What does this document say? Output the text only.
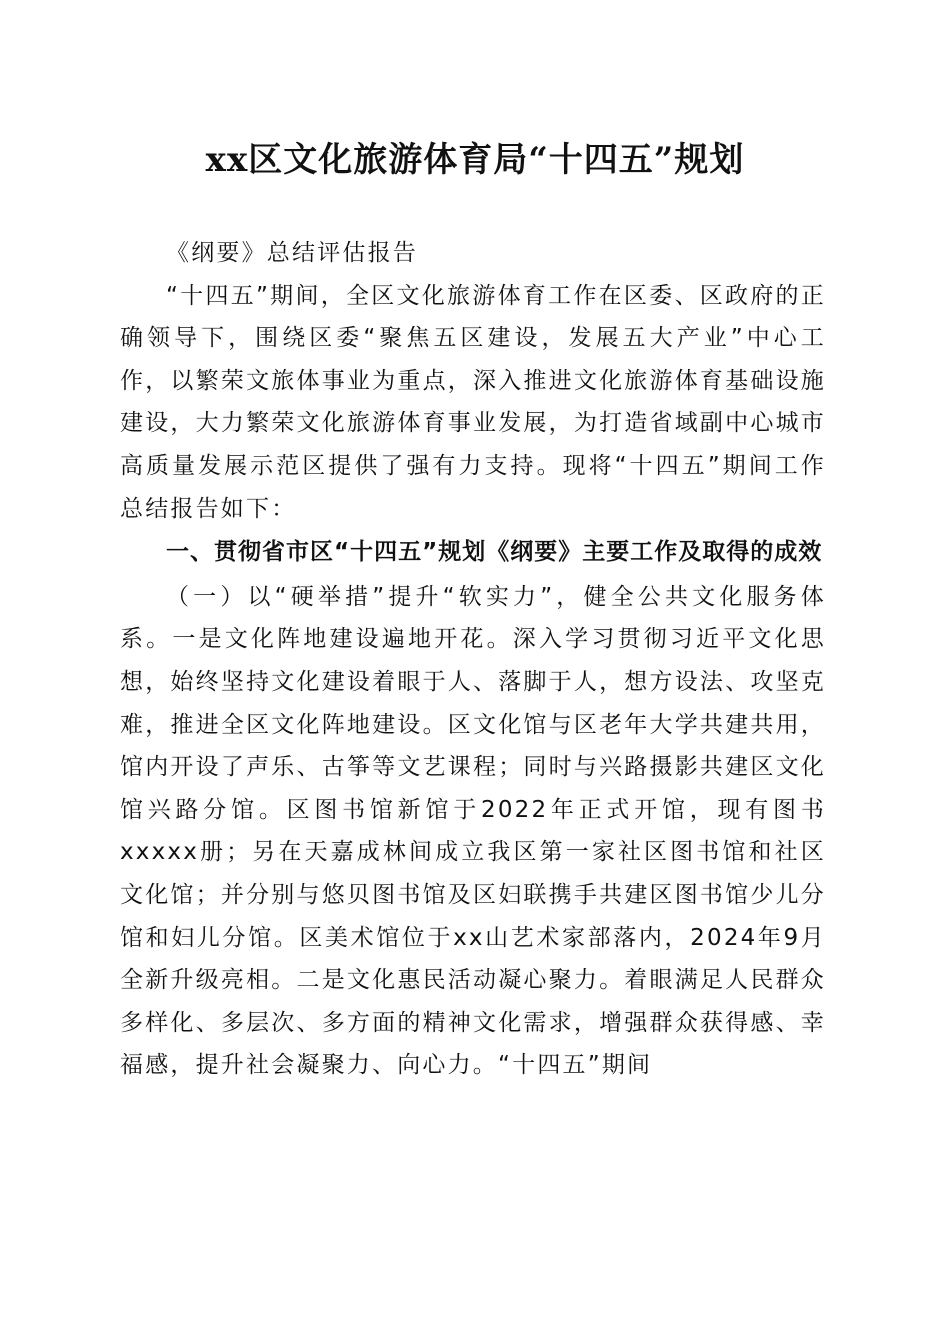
xx区文化旅游体育局“十四五”规划

《纲要》总结评估报告

“十四五”期间，全区文化旅游体育工作在区委、区政府的正确领导下，围绕区委“聚焦五区建设，发展五大产业”中心工作，以繁荣文旅体事业为重点，深入推进文化旅游体育基础设施建设，大力繁荣文化旅游体育事业发展，为打造省域副中心城市高质量发展示范区提供了强有力支持。现将“十四五”期间工作总结报告如下：

一、贯彻省市区“十四五”规划《纲要》主要工作及取得的成效

（一）以“硬举措”提升“软实力”，健全公共文化服务体系。一是文化阵地建设遍地开花。深入学习贯彻习近平文化思想，始终坚持文化建设着眼于人、落脚于人，想方设法、攻坚克难，推进全区文化阵地建设。区文化馆与区老年大学共建共用，馆内开设了声乐、古筝等文艺课程；同时与兴路摄影共建区文化馆兴路分馆。区图书馆新馆于2022年正式开馆，现有图书xxxxx册；另在天嘉成林间成立我区第一家社区图书馆和社区文化馆；并分别与悠贝图书馆及区妇联携手共建区图书馆少儿分馆和妇儿分馆。区美术馆位于xx山艺术家部落内，2024年9月全新升级亮相。二是文化惠民活动凝心聚力。着眼满足人民群众多样化、多层次、多方面的精神文化需求，增强群众获得感、幸福感，提升社会凝聚力、向心力。“十四五”期间
